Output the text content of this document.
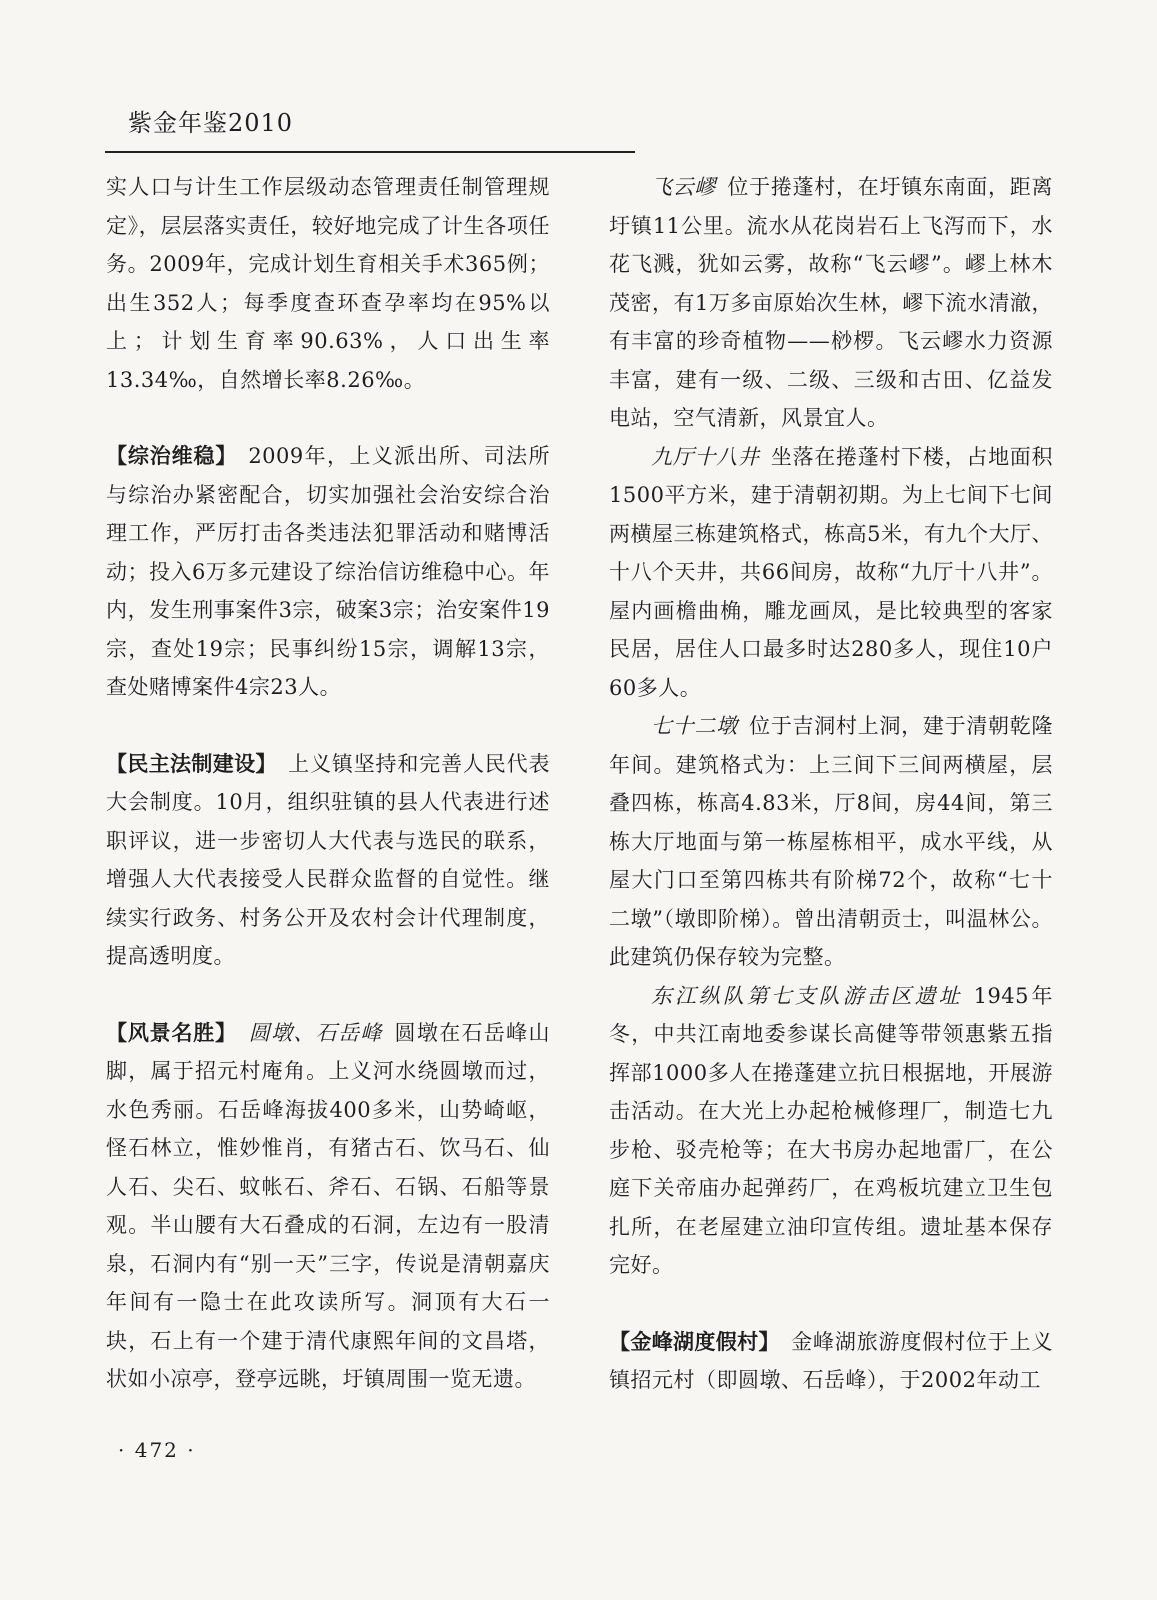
紫金年鉴2010

实人口与计生工作层级动态管理责任制管理规定》，层层落实责任，较好地完成了计生各项任务。2009年，完成计划生育相关手术365例；出生352人；每季度查环查孕率均在95%以上；计划生育率90.63%，人口出生率13.34‰，自然增长率8.26‰。

【综治维稳】  2009年，上义派出所、司法所与综治办紧密配合，切实加强社会治安综合治理工作，严厉打击各类违法犯罪活动和赌博活动；投入6万多元建设了综治信访维稳中心。年内，发生刑事案件3宗，破案3宗；治安案件19宗，查处19宗；民事纠纷15宗，调解13宗，查处赌博案件4宗23人。

【民主法制建设】  上义镇坚持和完善人民代表大会制度。10月，组织驻镇的县人代表进行述职评议，进一步密切人大代表与选民的联系，增强人大代表接受人民群众监督的自觉性。继续实行政务、村务公开及农村会计代理制度，提高透明度。

【风景名胜】  圆墩、石岳峰  圆墩在石岳峰山脚，属于招元村庵角。上义河水绕圆墩而过，水色秀丽。石岳峰海拔400多米，山势崎岖，怪石林立，惟妙惟肖，有猪古石、饮马石、仙人石、尖石、蚊帐石、斧石、石锅、石船等景观。半山腰有大石叠成的石洞，左边有一股清泉，石洞内有“别一天”三字，传说是清朝嘉庆年间有一隐士在此攻读所写。洞顶有大石一块，石上有一个建于清代康熙年间的文昌塔，状如小凉亭，登亭远眺，圩镇周围一览无遗。

飞云嵺  位于捲蓬村，在圩镇东南面，距离圩镇11公里。流水从花岗岩石上飞泻而下，水花飞溅，犹如云雾，故称“飞云嵺”。嵺上林木茂密，有1万多亩原始次生林，嵺下流水清澈，有丰富的珍奇植物——桫椤。飞云嵺水力资源丰富，建有一级、二级、三级和古田、亿益发电站，空气清新，风景宜人。

九厅十八井  坐落在捲蓬村下楼，占地面积1500平方米，建于清朝初期。为上七间下七间两横屋三栋建筑格式，栋高5米，有九个大厅、十八个天井，共66间房，故称“九厅十八井”。屋内画檐曲桷，雕龙画凤，是比较典型的客家民居，居住人口最多时达280多人，现住10户60多人。

七十二墩  位于吉洞村上洞，建于清朝乾隆年间。建筑格式为：上三间下三间两横屋，层叠四栋，栋高4.83米，厅8间，房44间，第三栋大厅地面与第一栋屋栋相平，成水平线，从屋大门口至第四栋共有阶梯72个，故称“七十二墩”（墩即阶梯）。曾出清朝贡士，叫温林公。此建筑仍保存较为完整。

东江纵队第七支队游击区遗址  1945年冬，中共江南地委参谋长高健等带领惠紫五指挥部1000多人在捲蓬建立抗日根据地，开展游击活动。在大光上办起枪械修理厂，制造七九步枪、驳壳枪等；在大书房办起地雷厂，在公庭下关帝庙办起弹药厂，在鸡板坑建立卫生包扎所，在老屋建立油印宣传组。遗址基本保存完好。

【金峰湖度假村】  金峰湖旅游度假村位于上义镇招元村（即圆墩、石岳峰），于2002年动工

· 472 ·
